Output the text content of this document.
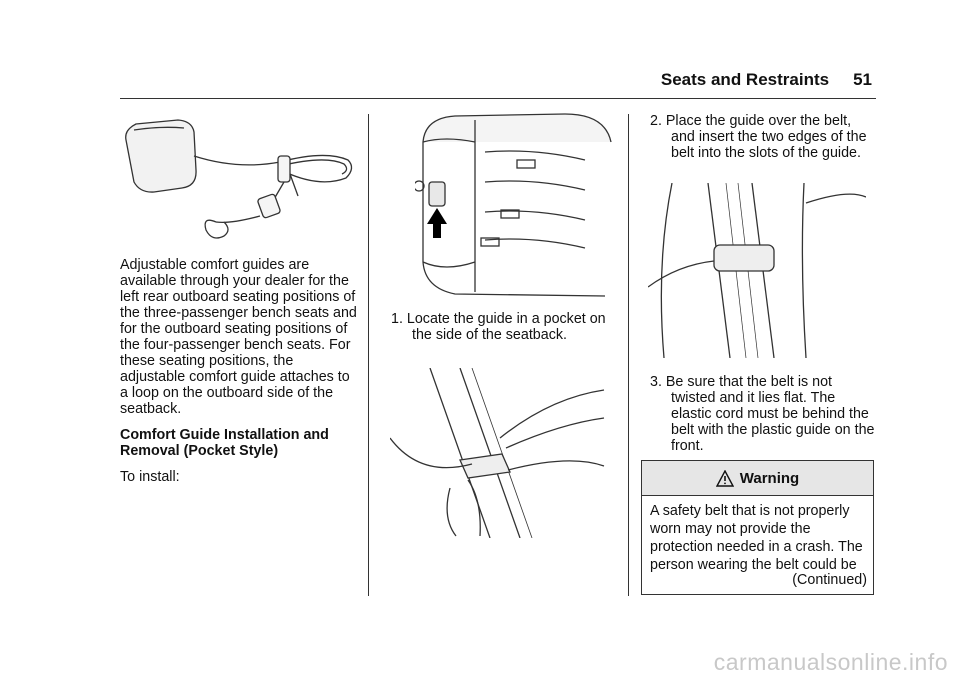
Seats and Restraints 51

Adjustable comfort guides are available through your dealer for the left rear outboard seating positions of the three-passenger bench seats and for the outboard seating positions of the four-passenger bench seats. For these seating positions, the adjustable comfort guide attaches to a loop on the outboard side of the seatback.

Comfort Guide Installation and Removal (Pocket Style)

To install:

1. Locate the guide in a pocket on the side of the seatback.

2. Place the guide over the belt, and insert the two edges of the belt into the slots of the guide.

3. Be sure that the belt is not twisted and it lies flat. The elastic cord must be behind the belt with the plastic guide on the front.

Warning
A safety belt that is not properly worn may not provide the protection needed in a crash. The person wearing the belt could be
(Continued)
carmanualsonline.info
